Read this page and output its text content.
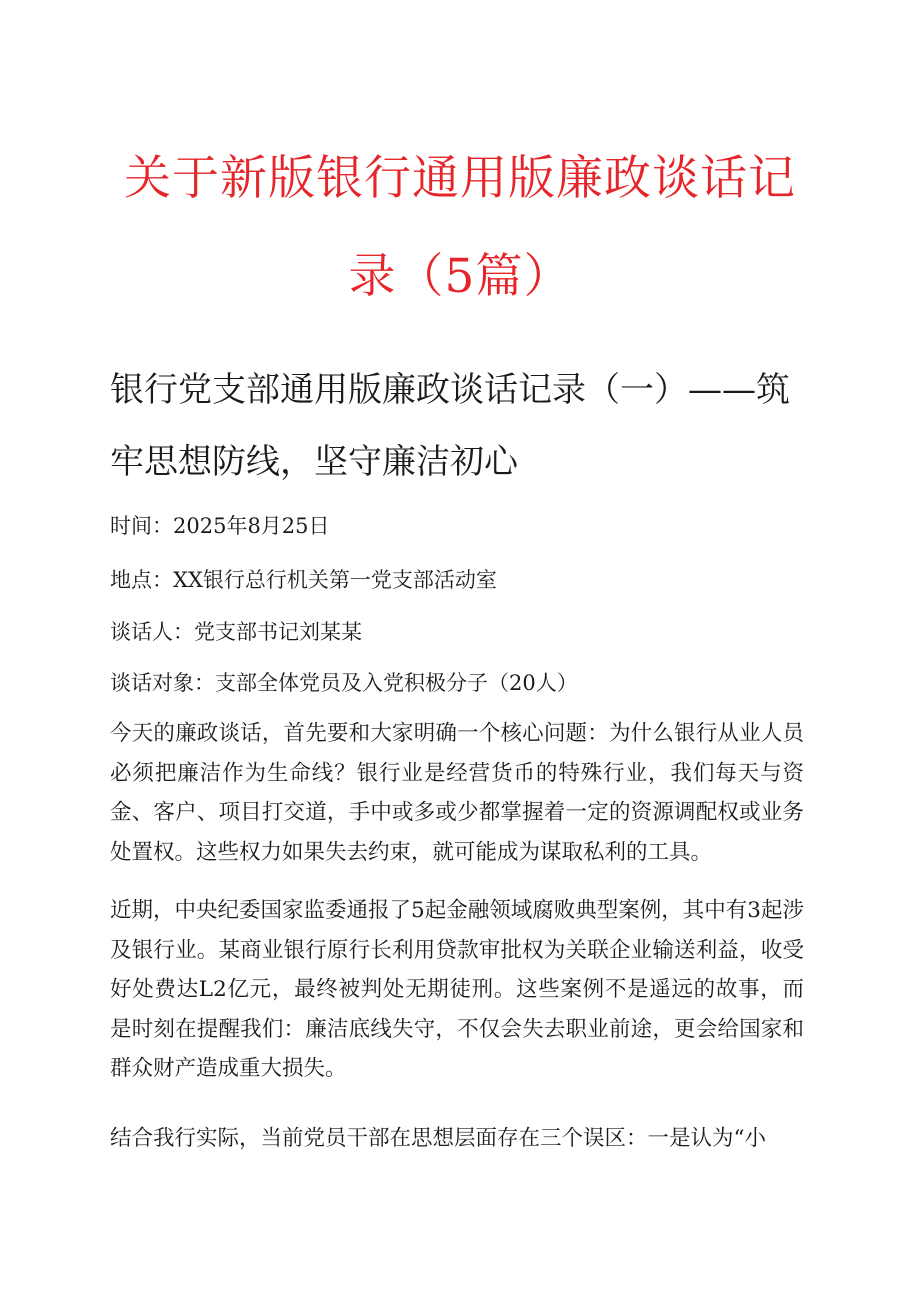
关于新版银行通用版廉政谈话记录（5篇）
银行党支部通用版廉政谈话记录（一）——筑牢思想防线，坚守廉洁初心

时间：2025年8月25日

地点：XX银行总行机关第一党支部活动室

谈话人：党支部书记刘某某

谈话对象：支部全体党员及入党积极分子（20人）

今天的廉政谈话，首先要和大家明确一个核心问题：为什么银行从业人员必须把廉洁作为生命线？银行业是经营货币的特殊行业，我们每天与资金、客户、项目打交道，手中或多或少都掌握着一定的资源调配权或业务处置权。这些权力如果失去约束，就可能成为谋取私利的工具。

近期，中央纪委国家监委通报了5起金融领域腐败典型案例，其中有3起涉及银行业。某商业银行原行长利用贷款审批权为关联企业输送利益，收受好处费达L2亿元，最终被判处无期徒刑。这些案例不是遥远的故事，而是时刻在提醒我们：廉洁底线失守，不仅会失去职业前途，更会给国家和群众财产造成重大损失。

结合我行实际，当前党员干部在思想层面存在三个误区：一是认为“小
